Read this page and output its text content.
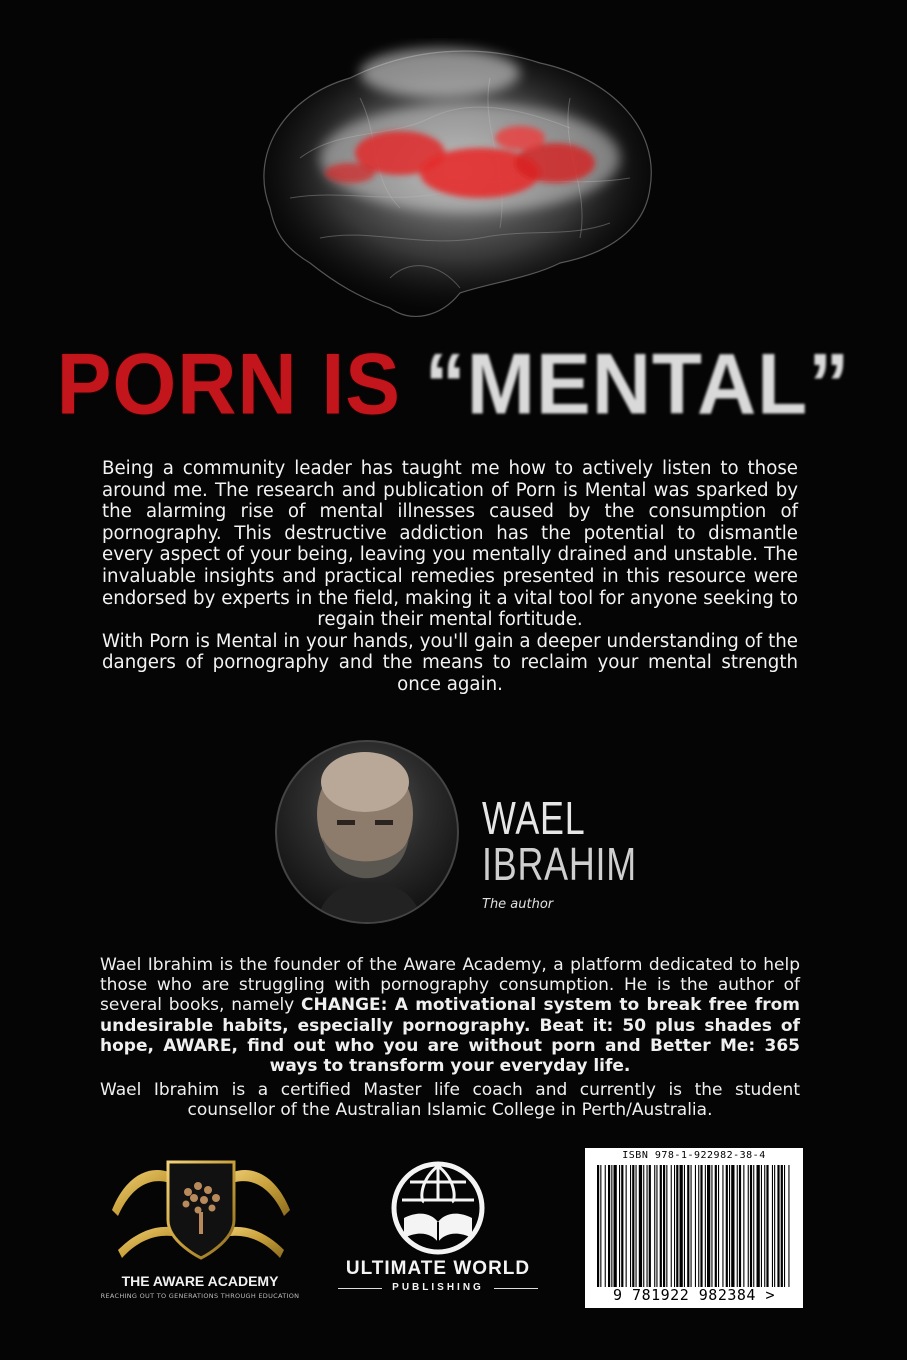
PORN IS “MENTAL”

Being a community leader has taught me how to actively listen to those around me. The research and publication of Porn is Mental was sparked by the alarming rise of mental illnesses caused by the consumption of pornography. This destructive addiction has the potential to dismantle every aspect of your being, leaving you mentally drained and unstable. The invaluable insights and practical remedies presented in this resource were endorsed by experts in the field, making it a vital tool for anyone seeking to regain their mental fortitude.

With Porn is Mental in your hands, you'll gain a deeper understanding of the dangers of pornography and the means to reclaim your mental strength once again.

WAEL
IBRAHIM
The author

Wael Ibrahim is the founder of the Aware Academy, a platform dedicated to help those who are struggling with pornography consumption. He is the author of several books, namely CHANGE: A motivational system to break free from undesirable habits, especially pornography. Beat it: 50 plus shades of hope, AWARE, find out who you are without porn and Better Me: 365 ways to transform your everyday life.

Wael Ibrahim is a certified Master life coach and currently is the student counsellor of the Australian Islamic College in Perth/Australia.

THE AWARE ACADEMY
REACHING OUT TO GENERATIONS THROUGH EDUCATION
ULTIMATE WORLD
PUBLISHING
ISBN 978-1-922982-38-4
9 781922 982384 >
